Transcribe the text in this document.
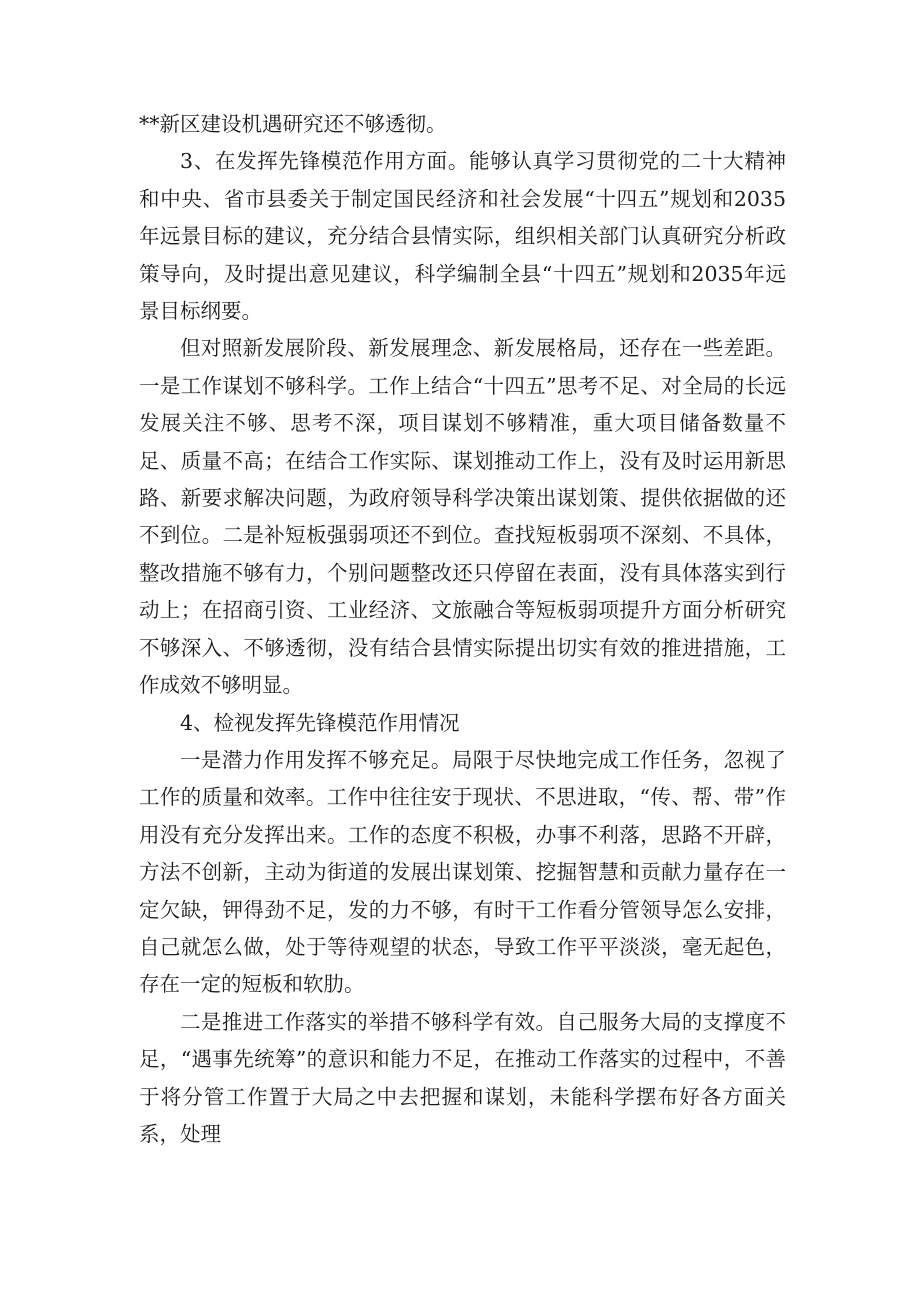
**新区建设机遇研究还不够透彻。

3、在发挥先锋模范作用方面。能够认真学习贯彻党的二十大精神和中央、省市县委关于制定国民经济和社会发展“十四五”规划和2035年远景目标的建议，充分结合县情实际，组织相关部门认真研究分析政策导向，及时提出意见建议，科学编制全县“十四五”规划和2035年远景目标纲要。

但对照新发展阶段、新发展理念、新发展格局，还存在一些差距。一是工作谋划不够科学。工作上结合“十四五”思考不足、对全局的长远发展关注不够、思考不深，项目谋划不够精准，重大项目储备数量不足、质量不高；在结合工作实际、谋划推动工作上，没有及时运用新思路、新要求解决问题，为政府领导科学决策出谋划策、提供依据做的还不到位。二是补短板强弱项还不到位。查找短板弱项不深刻、不具体，整改措施不够有力，个别问题整改还只停留在表面，没有具体落实到行动上；在招商引资、工业经济、文旅融合等短板弱项提升方面分析研究不够深入、不够透彻，没有结合县情实际提出切实有效的推进措施，工作成效不够明显。

4、检视发挥先锋模范作用情况

一是潜力作用发挥不够充足。局限于尽快地完成工作任务，忽视了工作的质量和效率。工作中往往安于现状、不思进取，“传、帮、带”作用没有充分发挥出来。工作的态度不积极，办事不利落，思路不开辟，方法不创新，主动为街道的发展出谋划策、挖掘智慧和贡献力量存在一定欠缺，钾得劲不足，发的力不够，有时干工作看分管领导怎么安排，自己就怎么做，处于等待观望的状态，导致工作平平淡淡，毫无起色，存在一定的短板和软肋。

二是推进工作落实的举措不够科学有效。自己服务大局的支撑度不足，“遇事先统筹”的意识和能力不足，在推动工作落实的过程中，不善于将分管工作置于大局之中去把握和谋划，未能科学摆布好各方面关系，处理
